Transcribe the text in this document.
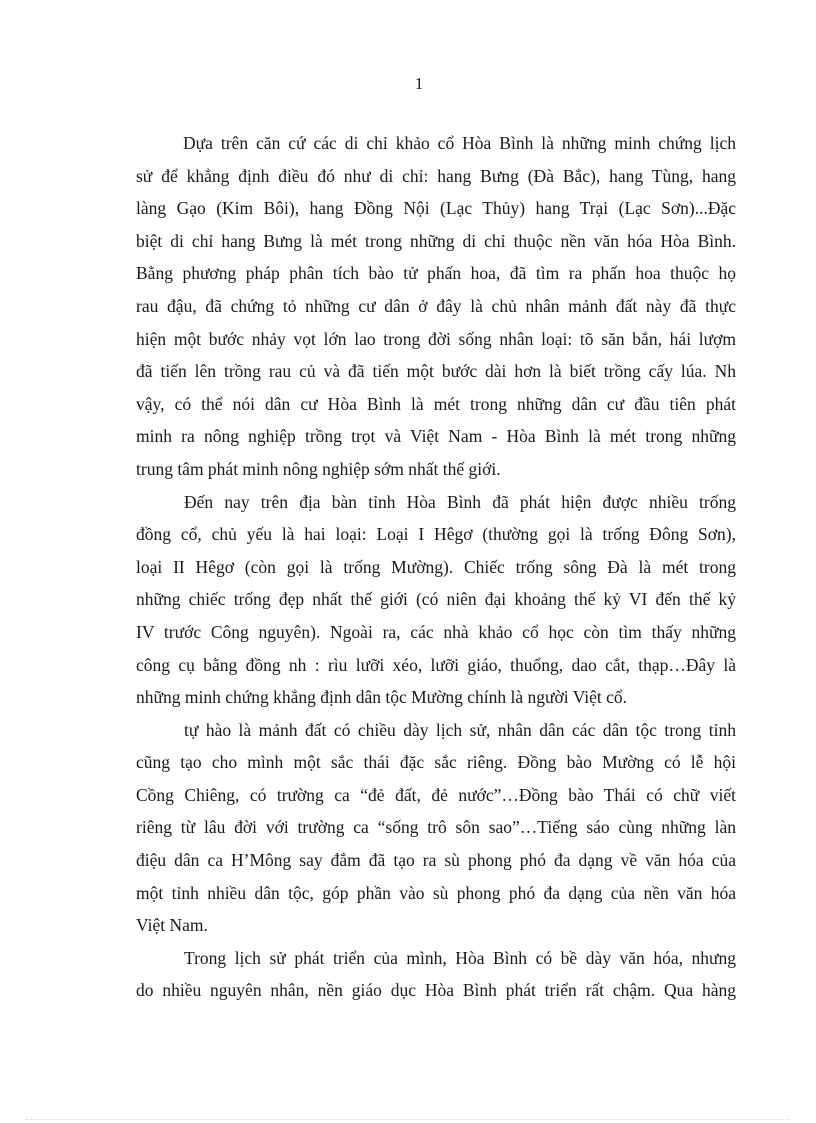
1
Dựa trên căn cứ các di chỉ khảo cổ Hòa Bình là những minh chứng lịch
sử để khẳng định điều đó như di chỉ: hang Bưng (Đà Bắc), hang Tùng, hang
làng Gạo (Kim Bôi), hang Đồng Nội (Lạc Thủy) hang Trại (Lạc Sơn)...Đặc
biệt di chỉ hang Bưng là mét trong những di chỉ thuộc nền văn hóa Hòa Bình.
Bằng phương pháp phân tích bào tử phấn hoa, đã tìm ra phấn hoa thuộc họ
rau đậu, đã chứng tỏ những cư dân ở đây là chủ nhân mảnh đất này đã thực
hiện một bước nhảy vọt lớn lao trong đời sống nhân loại: tõ săn bắn, hái lượm
đã tiến lên trồng rau củ và đã tiến một bước dài hơn là biết trồng cấy lúa. Nh
vậy, có thể nói dân cư Hòa Bình là mét trong những dân cư đầu tiên phát
minh ra nông nghiệp trồng trọt và Việt Nam - Hòa Bình là mét trong những
trung tâm phát minh nông nghiệp sớm nhất thế giới.
Đến nay trên địa bàn tỉnh Hòa Bình đã phát hiện được nhiều trống
đồng cổ, chủ yếu là hai loại: Loại I Hêgơ (thường gọi là trống Đông Sơn),
loại II Hêgơ (còn gọi là trống Mường). Chiếc trống sông Đà là mét trong
những chiếc trống đẹp nhất thế giới (có niên đại khoảng thế kỷ VI đến thế kỷ
IV trước Công nguyên). Ngoài ra, các nhà khảo cổ học còn tìm thấy những
công cụ bằng đồng nh : rìu lưỡi xéo, lưỡi giáo, thuổng, dao cắt, thạp…Đây là
những minh chứng khẳng định dân tộc Mường chính là người Việt cổ.
tự hào là mảnh đất có chiều dày lịch sử, nhân dân các dân tộc trong tỉnh
cũng tạo cho mình một sắc thái đặc sắc riêng. Đồng bào Mường có lễ hội
Cồng Chiêng, có trường ca “đẻ đất, đẻ nước”…Đồng bào Thái có chữ viết
riêng từ lâu đời với trường ca “sống trô sôn sao”…Tiếng sáo cùng những làn
điệu dân ca H’Mông say đắm đã tạo ra sù phong phó đa dạng về văn hóa của
một tỉnh nhiều dân tộc, góp phần vào sù phong phó đa dạng của nền văn hóa
Việt Nam.
Trong lịch sử phát triển của mình, Hòa Bình có bề dày văn hóa, nhưng
do nhiều nguyên nhân, nền giáo dục Hòa Bình phát triển rất chậm. Qua hàng
